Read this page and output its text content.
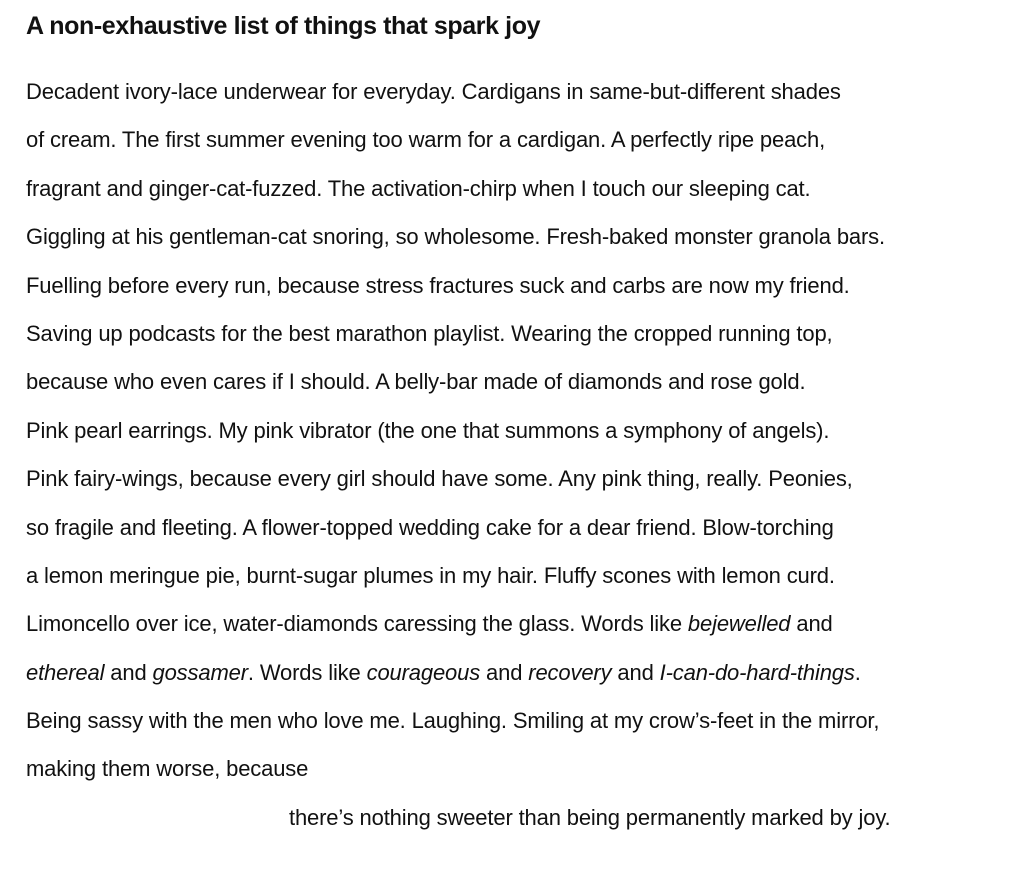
A non-exhaustive list of things that spark joy
Decadent ivory-lace underwear for everyday. Cardigans in same-but-different shades
of cream. The first summer evening too warm for a cardigan. A perfectly ripe peach,
fragrant and ginger-cat-fuzzed. The activation-chirp when I touch our sleeping cat.
Giggling at his gentleman-cat snoring, so wholesome. Fresh-baked monster granola bars.
Fuelling before every run, because stress fractures suck and carbs are now my friend.
Saving up podcasts for the best marathon playlist. Wearing the cropped running top,
because who even cares if I should. A belly-bar made of diamonds and rose gold.
Pink pearl earrings. My pink vibrator (the one that summons a symphony of angels).
Pink fairy-wings, because every girl should have some. Any pink thing, really. Peonies,
so fragile and fleeting. A flower-topped wedding cake for a dear friend. Blow-torching
a lemon meringue pie, burnt-sugar plumes in my hair. Fluffy scones with lemon curd.
Limoncello over ice, water-diamonds caressing the glass. Words like bejewelled and
ethereal and gossamer. Words like courageous and recovery and I-can-do-hard-things.
Being sassy with the men who love me. Laughing. Smiling at my crow’s-feet in the mirror,
making them worse, because
there’s nothing sweeter than being permanently marked by joy.
